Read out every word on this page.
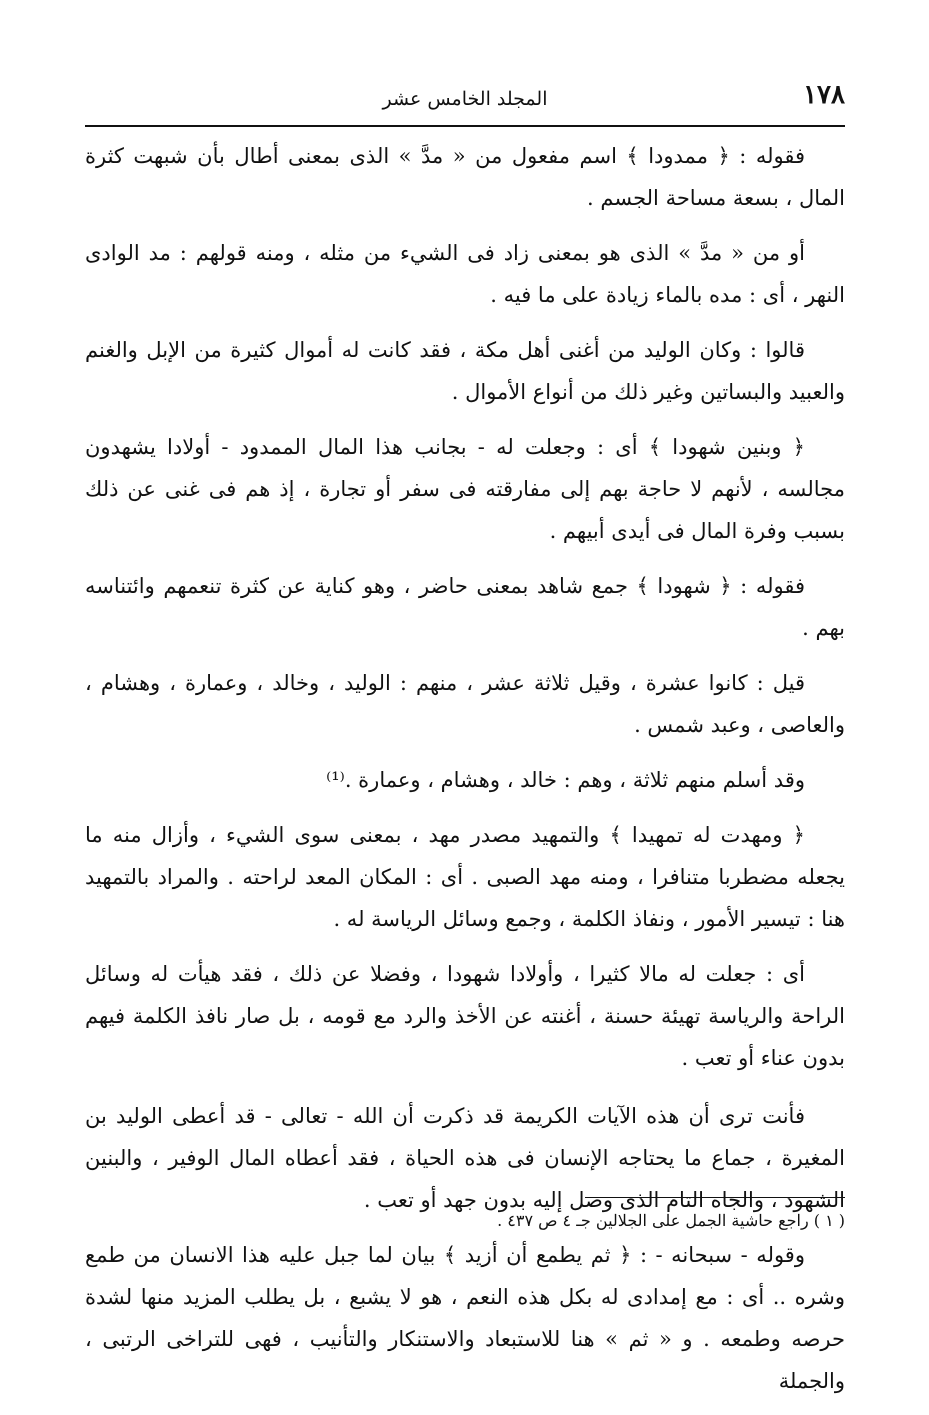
١٧٨
المجلد الخامس عشر

فقوله : ﴿ ممدودا ﴾ اسم مفعول من « مدَّ » الذى بمعنى أطال بأن شبهت كثرة المال ، بسعة مساحة الجسم .

أو من « مدَّ » الذى هو بمعنى زاد فى الشيء من مثله ، ومنه قولهم : مد الوادى النهر ، أى : مده بالماء زيادة على ما فيه .

قالوا : وكان الوليد من أغنى أهل مكة ، فقد كانت له أموال كثيرة من الإبل والغنم والعبيد والبساتين وغير ذلك من أنواع الأموال .

﴿ وبنين شهودا ﴾ أى : وجعلت له - بجانب هذا المال الممدود - أولادا يشهدون مجالسه ، لأنهم لا حاجة بهم إلى مفارقته فى سفر أو تجارة ، إذ هم فى غنى عن ذلك بسبب وفرة المال فى أيدى أبيهم .

فقوله : ﴿ شهودا ﴾ جمع شاهد بمعنى حاضر ، وهو كناية عن كثرة تنعمهم وائتناسه بهم .

قيل : كانوا عشرة ، وقيل ثلاثة عشر ، منهم : الوليد ، وخالد ، وعمارة ، وهشام ، والعاصى ، وعبد شمس .

وقد أسلم منهم ثلاثة ، وهم : خالد ، وهشام ، وعمارة .⁽¹⁾

﴿ ومهدت له تمهيدا ﴾ والتمهيد مصدر مهد ، بمعنى سوى الشيء ، وأزال منه ما يجعله مضطربا متنافرا ، ومنه مهد الصبى . أى : المكان المعد لراحته . والمراد بالتمهيد هنا : تيسير الأمور ، ونفاذ الكلمة ، وجمع وسائل الرياسة له .

أى : جعلت له مالا كثيرا ، وأولادا شهودا ، وفضلا عن ذلك ، فقد هيأت له وسائل الراحة والرياسة تهيئة حسنة ، أغنته عن الأخذ والرد مع قومه ، بل صار نافذ الكلمة فيهم بدون عناء أو تعب .

فأنت ترى أن هذه الآيات الكريمة قد ذكرت أن الله - تعالى - قد أعطى الوليد بن المغيرة ، جماع ما يحتاجه الإنسان فى هذه الحياة ، فقد أعطاه المال الوفير ، والبنين الشهود ، والجاه التام الذى وصل إليه بدون جهد أو تعب .

وقوله - سبحانه - : ﴿ ثم يطمع أن أزيد ﴾ بيان لما جبل عليه هذا الانسان من طمع وشره .. أى : مع إمدادى له بكل هذه النعم ، هو لا يشبع ، بل يطلب المزيد منها لشدة حرصه وطمعه . و « ثم » هنا للاستبعاد والاستنكار والتأنيب ، فهى للتراخى الرتبى ، والجملة

( ١ ) راجع حاشية الجمل على الجلالين جـ ٤ ص ٤٣٧ .
